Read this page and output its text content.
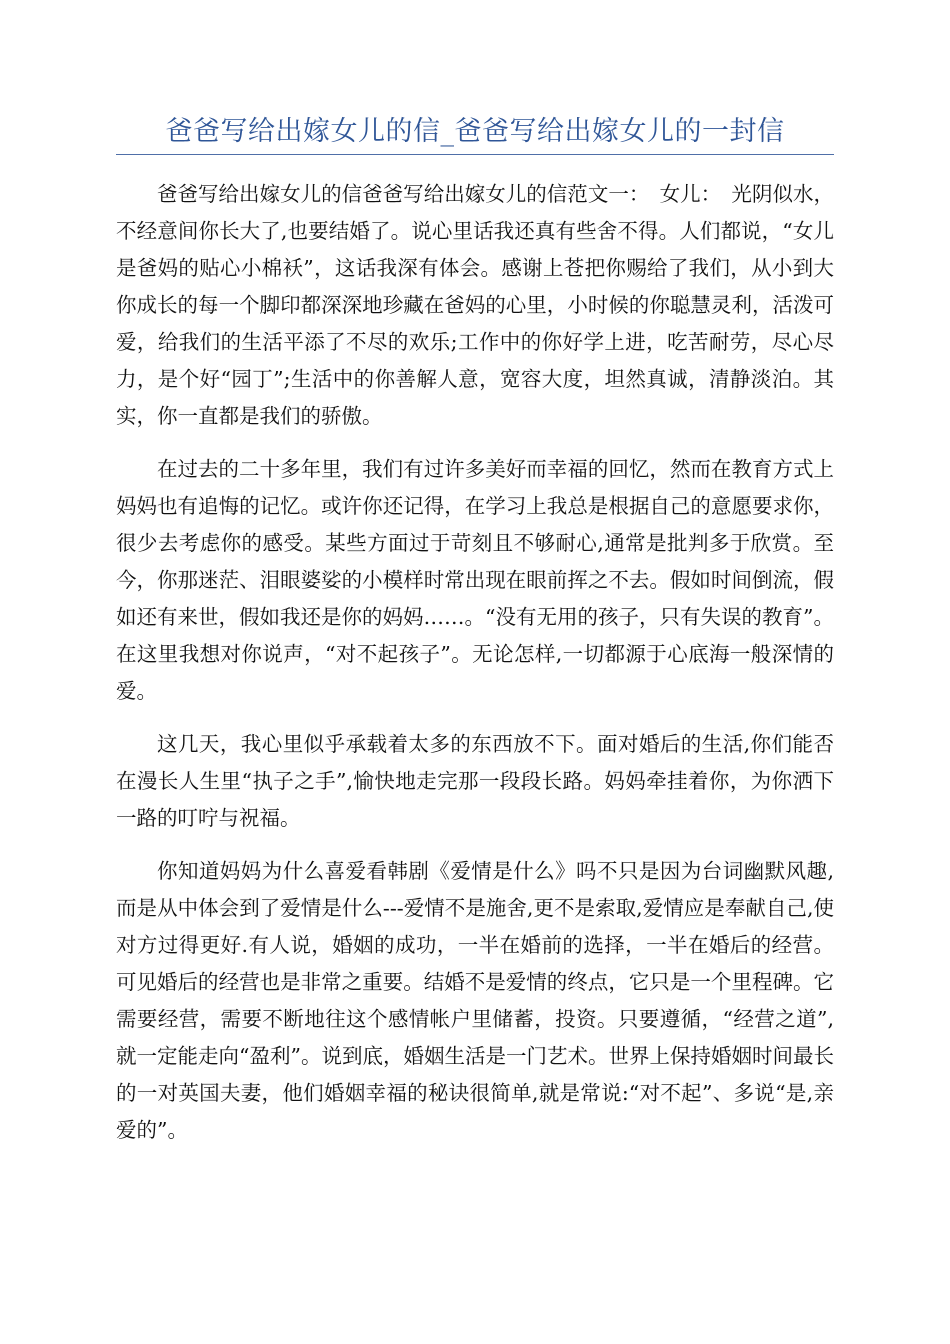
爸爸写给出嫁女儿的信_爸爸写给出嫁女儿的一封信

爸爸写给出嫁女儿的信爸爸写给出嫁女儿的信范文一：　女儿：　光阴似水，不经意间你长大了,也要结婚了。说心里话我还真有些舍不得。人们都说，“女儿是爸妈的贴心小棉袄”，这话我深有体会。感谢上苍把你赐给了我们，从小到大你成长的每一个脚印都深深地珍藏在爸妈的心里，小时候的你聪慧灵利，活泼可爱，给我们的生活平添了不尽的欢乐;工作中的你好学上进，吃苦耐劳，尽心尽力，是个好“园丁”;生活中的你善解人意，宽容大度，坦然真诚，清静淡泊。其实，你一直都是我们的骄傲。

在过去的二十多年里，我们有过许多美好而幸福的回忆，然而在教育方式上妈妈也有追悔的记忆。或许你还记得，在学习上我总是根据自己的意愿要求你，很少去考虑你的感受。某些方面过于苛刻且不够耐心,通常是批判多于欣赏。至今，你那迷茫、泪眼婆娑的小模样时常出现在眼前挥之不去。假如时间倒流，假如还有来世，假如我还是你的妈妈……。“没有无用的孩子，只有失误的教育”。在这里我想对你说声，“对不起孩子”。无论怎样,一切都源于心底海一般深情的爱。

这几天，我心里似乎承载着太多的东西放不下。面对婚后的生活,你们能否在漫长人生里“执子之手”,愉快地走完那一段段长路。妈妈牵挂着你，为你洒下一路的叮咛与祝福。

你知道妈妈为什么喜爱看韩剧《爱情是什么》吗不只是因为台词幽默风趣,而是从中体会到了爱情是什么---爱情不是施舍,更不是索取,爱情应是奉献自己,使对方过得更好.有人说，婚姻的成功，一半在婚前的选择，一半在婚后的经营。可见婚后的经营也是非常之重要。结婚不是爱情的终点，它只是一个里程碑。它需要经营，需要不断地往这个感情帐户里储蓄，投资。只要遵循，“经营之道”,就一定能走向“盈利”。说到底，婚姻生活是一门艺术。世界上保持婚姻时间最长的一对英国夫妻，他们婚姻幸福的秘诀很简单,就是常说:“对不起”、多说“是,亲爱的”。
